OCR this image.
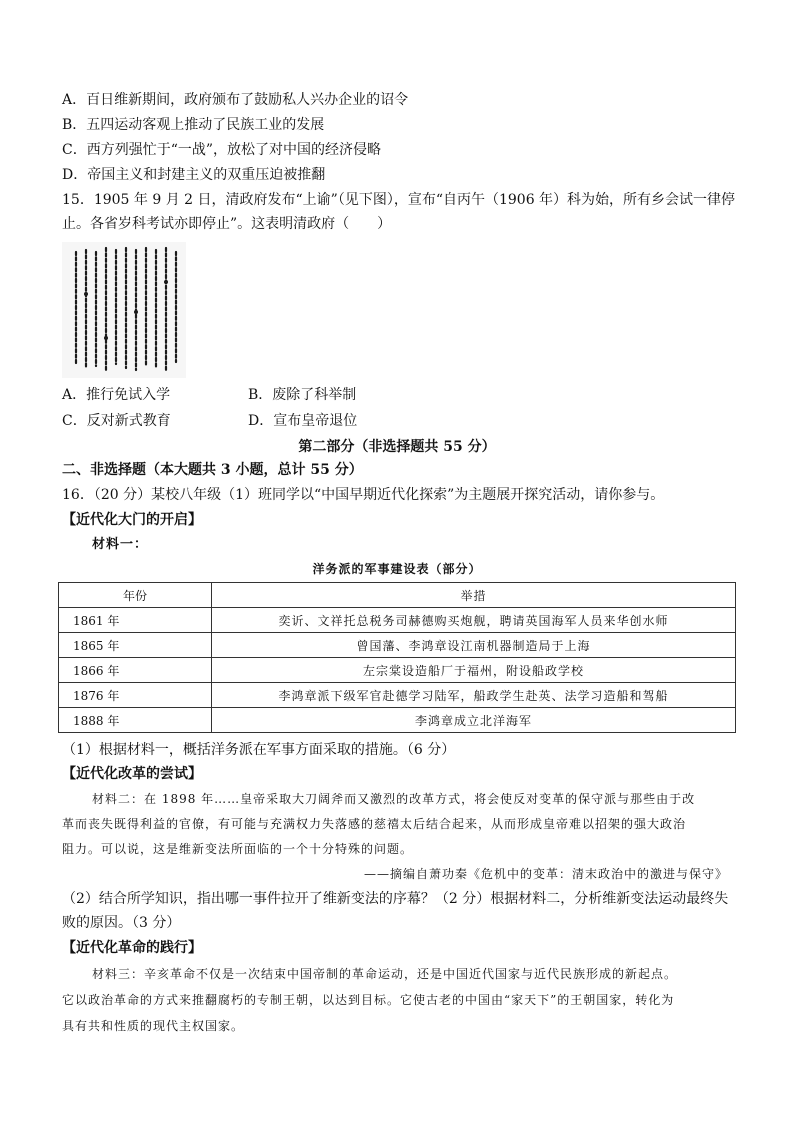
A．百日维新期间，政府颁布了鼓励私人兴办企业的诏令
B．五四运动客观上推动了民族工业的发展
C．西方列强忙于“一战”，放松了对中国的经济侵略
D．帝国主义和封建主义的双重压迫被推翻
15．1905 年 9 月 2 日，清政府发布“上谕”（见下图），宣布“自丙午（1906 年）科为始，所有乡会试一律停
止。各省岁科考试亦即停止”。这表明清政府（　　）
A．推行免试入学	B．废除了科举制
C．反对新式教育	D．宣布皇帝退位
第二部分（非选择题共 55 分）
二、非选择题（本大题共 3 小题，总计 55 分）
16．（20 分）某校八年级（1）班同学以“中国早期近代化探索”为主题展开探究活动，请你参与。
【近代化大门的开启】
材料一：
洋务派的军事建设表（部分）
年份	举措
1861 年	奕䜣、文祥托总税务司赫德购买炮舰，聘请英国海军人员来华创水师
1865 年	曾国藩、李鸿章设江南机器制造局于上海
1866 年	左宗棠设造船厂于福州，附设船政学校
1876 年	李鸿章派下级军官赴德学习陆军，船政学生赴英、法学习造船和驾船
1888 年	李鸿章成立北洋海军
（1）根据材料一，概括洋务派在军事方面采取的措施。（6 分）
【近代化改革的尝试】
材料二：在 1898 年……皇帝采取大刀阔斧而又激烈的改革方式，将会使反对变革的保守派与那些由于改
革而丧失既得利益的官僚，有可能与充满权力失落感的慈禧太后结合起来，从而形成皇帝难以招架的强大政治
阻力。可以说，这是维新变法所面临的一个十分特殊的问题。
——摘编自萧功秦《危机中的变革：清末政治中的激进与保守》
（2）结合所学知识，指出哪一事件拉开了维新变法的序幕？（2 分）根据材料二，分析维新变法运动最终失
败的原因。（3 分）
【近代化革命的践行】
材料三：辛亥革命不仅是一次结束中国帝制的革命运动，还是中国近代国家与近代民族形成的新起点。
它以政治革命的方式来推翻腐朽的专制王朝，以达到目标。它使古老的中国由“家天下”的王朝国家，转化为
具有共和性质的现代主权国家。
